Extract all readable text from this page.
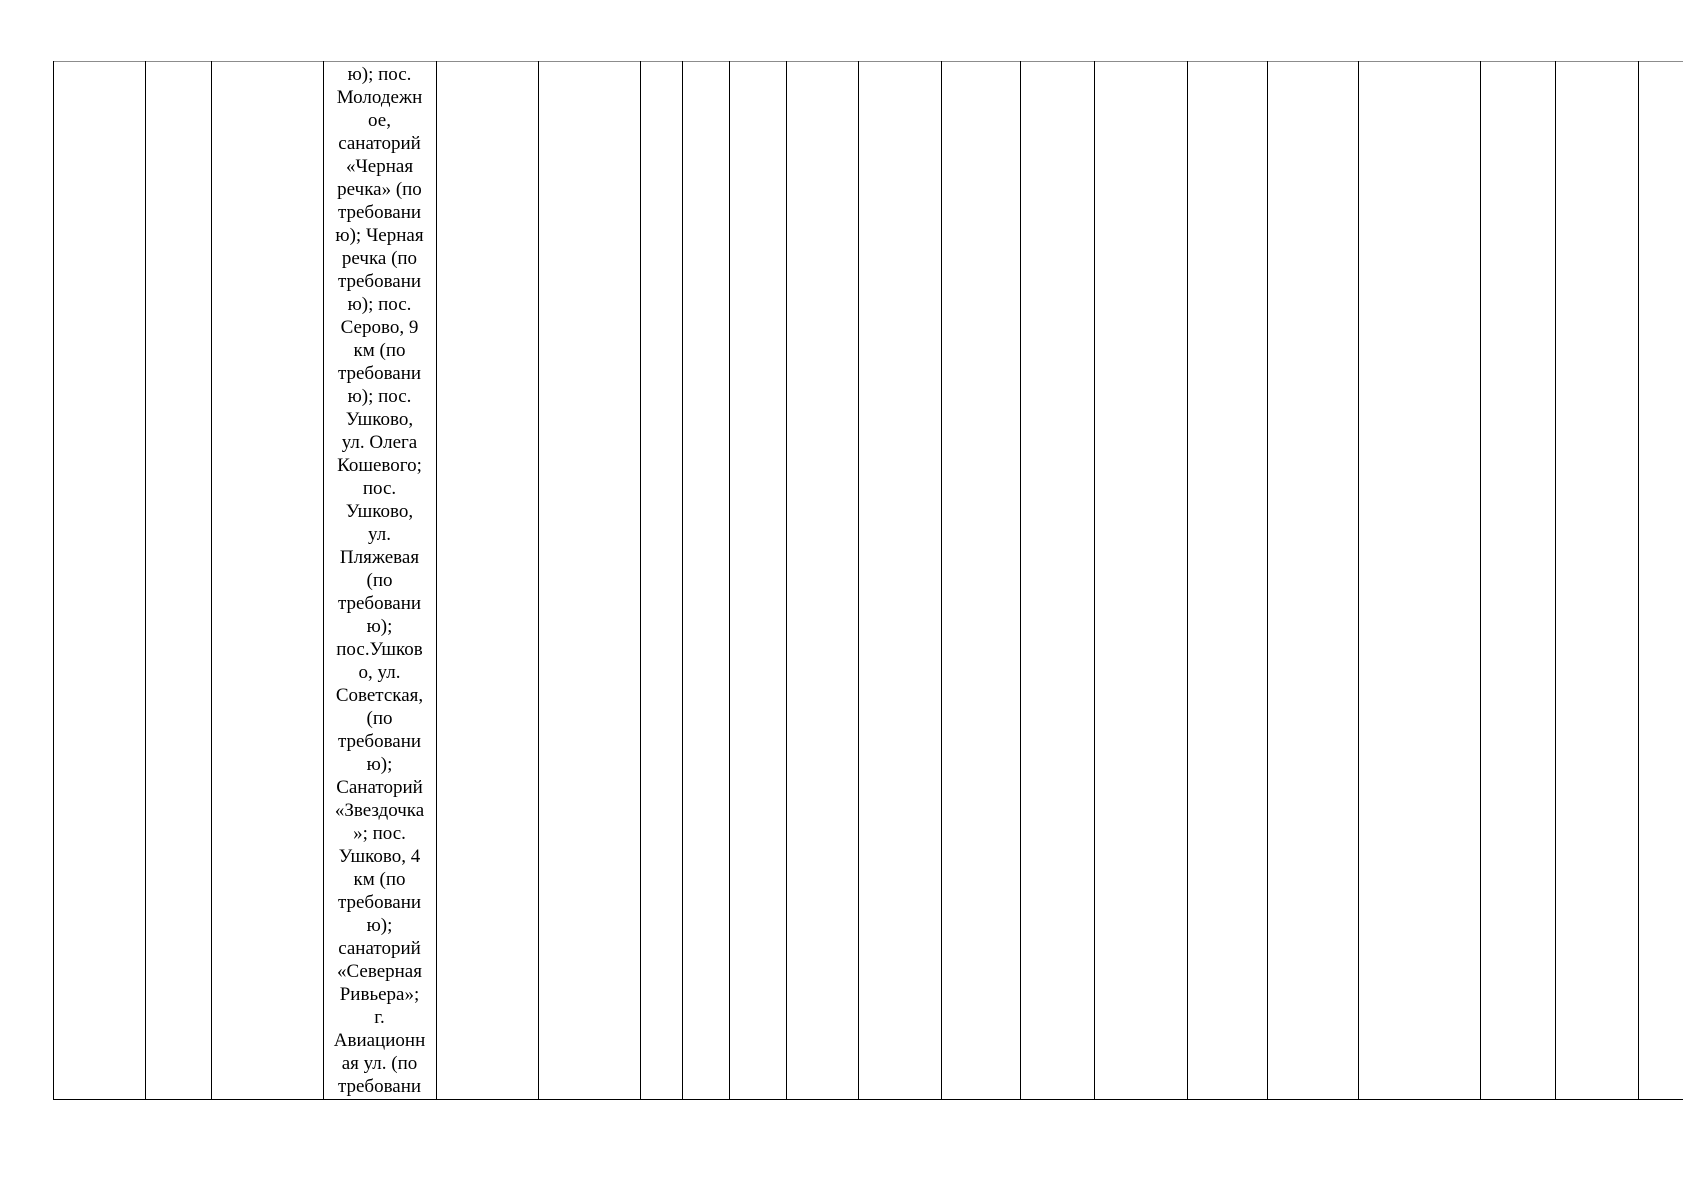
ю); пос.
Молодежн
ое,
санаторий
«Черная
речка» (по
требовани
ю); Черная
речка (по
требовани
ю); пос.
Серово, 9
км (по
требовани
ю); пос.
Ушково,
ул. Олега
Кошевого;
пос.
Ушково,
ул.
Пляжевая
(по
требовани
ю);
пос.Ушков
о, ул.
Советская,
(по
требовани
ю);
Санаторий
«Звездочка
»; пос.
Ушково, 4
км (по
требовани
ю);
санаторий
«Северная
Ривьера»;
г.
Авиационн
ая ул. (по
требовани
